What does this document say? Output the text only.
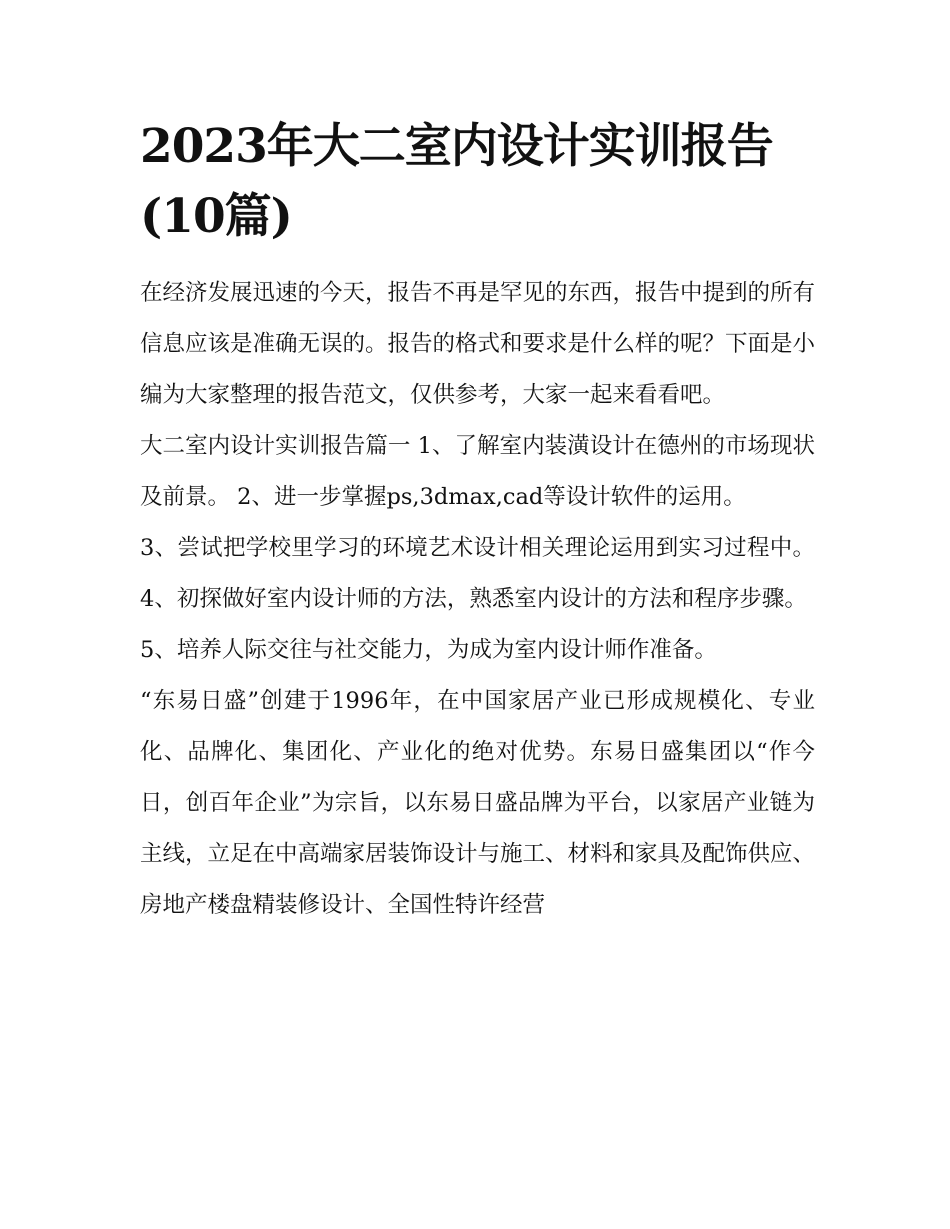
2023年大二室内设计实训报告(10篇)

在经济发展迅速的今天，报告不再是罕见的东西，报告中提到的所有信息应该是准确无误的。报告的格式和要求是什么样的呢？下面是小编为大家整理的报告范文，仅供参考，大家一起来看看吧。

大二室内设计实训报告篇一 1、了解室内装潢设计在德州的市场现状及前景。 2、进一步掌握ps,3dmax,cad等设计软件的运用。

3、尝试把学校里学习的环境艺术设计相关理论运用到实习过程中。 4、初探做好室内设计师的方法，熟悉室内设计的方法和程序步骤。

5、培养人际交往与社交能力，为成为室内设计师作准备。

“东易日盛”创建于1996年，在中国家居产业已形成规模化、专业化、品牌化、集团化、产业化的绝对优势。东易日盛集团以“作今日，创百年企业”为宗旨，以东易日盛品牌为平台，以家居产业链为主线，立足在中高端家居装饰设计与施工、材料和家具及配饰供应、房地产楼盘精装修设计、全国性特许经营
